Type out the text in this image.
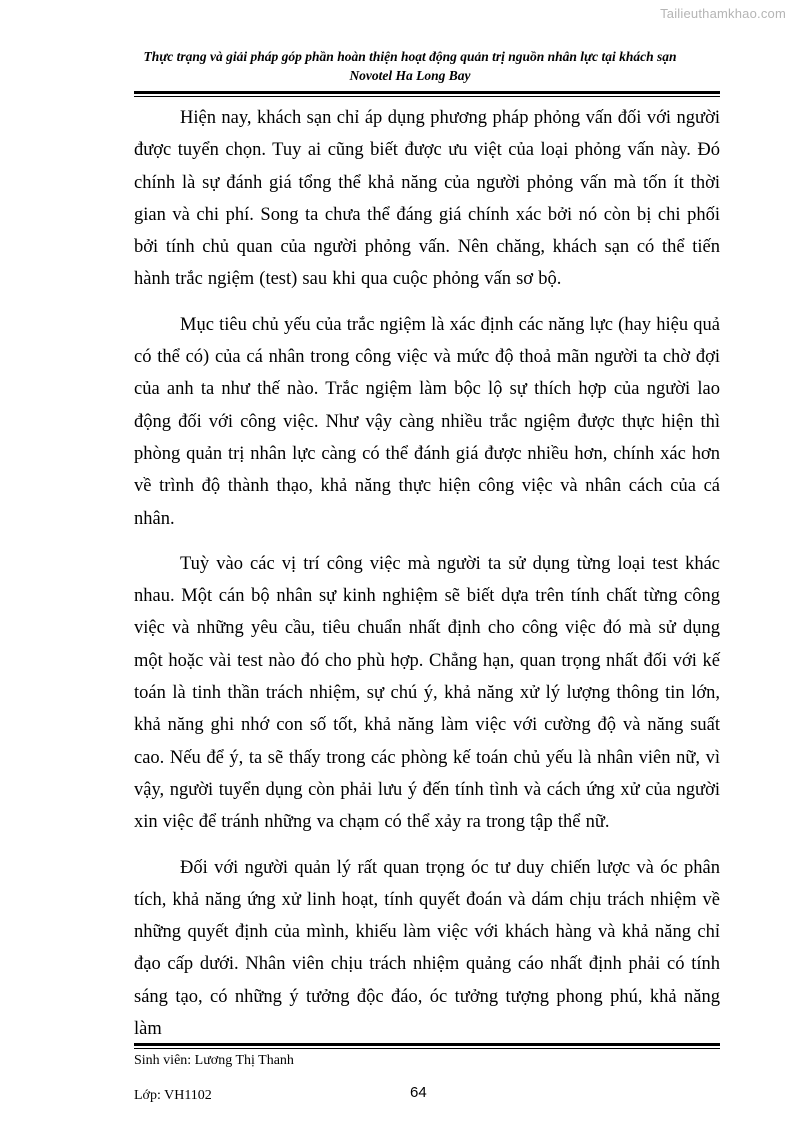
Tailieuthamkhao.com
Thực trạng và giải pháp góp phần hoàn thiện hoạt động quản trị nguồn nhân lực tại khách sạn
Novotel Ha Long Bay

Hiện nay, khách sạn chỉ áp dụng phương pháp phỏng vấn đối với người được tuyển chọn. Tuy ai cũng biết được ưu việt của loại phỏng vấn này. Đó chính là sự đánh giá tổng thể khả năng của người phỏng vấn mà tốn ít thời gian và chi phí. Song ta chưa thể đáng giá chính xác bởi nó còn bị chi phối bởi tính chủ quan của người phỏng vấn. Nên chăng, khách sạn có thể tiến hành trắc ngiệm (test) sau khi qua cuộc phỏng vấn sơ bộ.

Mục tiêu chủ yếu của trắc ngiệm là xác định các năng lực (hay hiệu quả có thể có) của cá nhân trong công việc và mức độ thoả mãn người ta chờ đợi của anh ta như thế nào. Trắc ngiệm làm bộc lộ sự thích hợp của người lao động đối với công việc. Như vậy càng nhiều trắc ngiệm được thực hiện thì phòng quản trị nhân lực càng có thể đánh giá được nhiều hơn, chính xác hơn về trình độ thành thạo, khả năng thực hiện công việc và nhân cách của cá nhân.

Tuỳ vào các vị trí công việc mà người ta sử dụng từng loại test khác nhau. Một cán bộ nhân sự kinh nghiệm sẽ biết dựa trên tính chất từng công việc và những yêu cầu, tiêu chuẩn nhất định cho công việc đó mà sử dụng một hoặc vài test nào đó cho phù hợp. Chẳng hạn, quan trọng nhất đối với kế toán là tinh thần trách nhiệm, sự chú ý, khả năng xử lý lượng thông tin lớn, khả năng ghi nhớ con số tốt, khả năng làm việc với cường độ và năng suất cao. Nếu để ý, ta sẽ thấy trong các phòng kế toán chủ yếu là nhân viên nữ, vì vậy, người tuyển dụng còn phải lưu ý đến tính tình và cách ứng xử của người xin việc để tránh những va chạm có thể xảy ra trong tập thể nữ.

Đối với người quản lý rất quan trọng óc tư duy chiến lược và óc phân tích, khả năng ứng xử linh hoạt, tính quyết đoán và dám chịu trách nhiệm về những quyết định của mình, khiếu làm việc với khách hàng và khả năng chỉ đạo cấp dưới. Nhân viên chịu trách nhiệm quảng cáo nhất định phải có tính sáng tạo, có những ý tưởng độc đáo, óc tưởng tượng phong phú, khả năng làm

Sinh viên: Lương Thị Thanh
Lớp: VH1102	64
